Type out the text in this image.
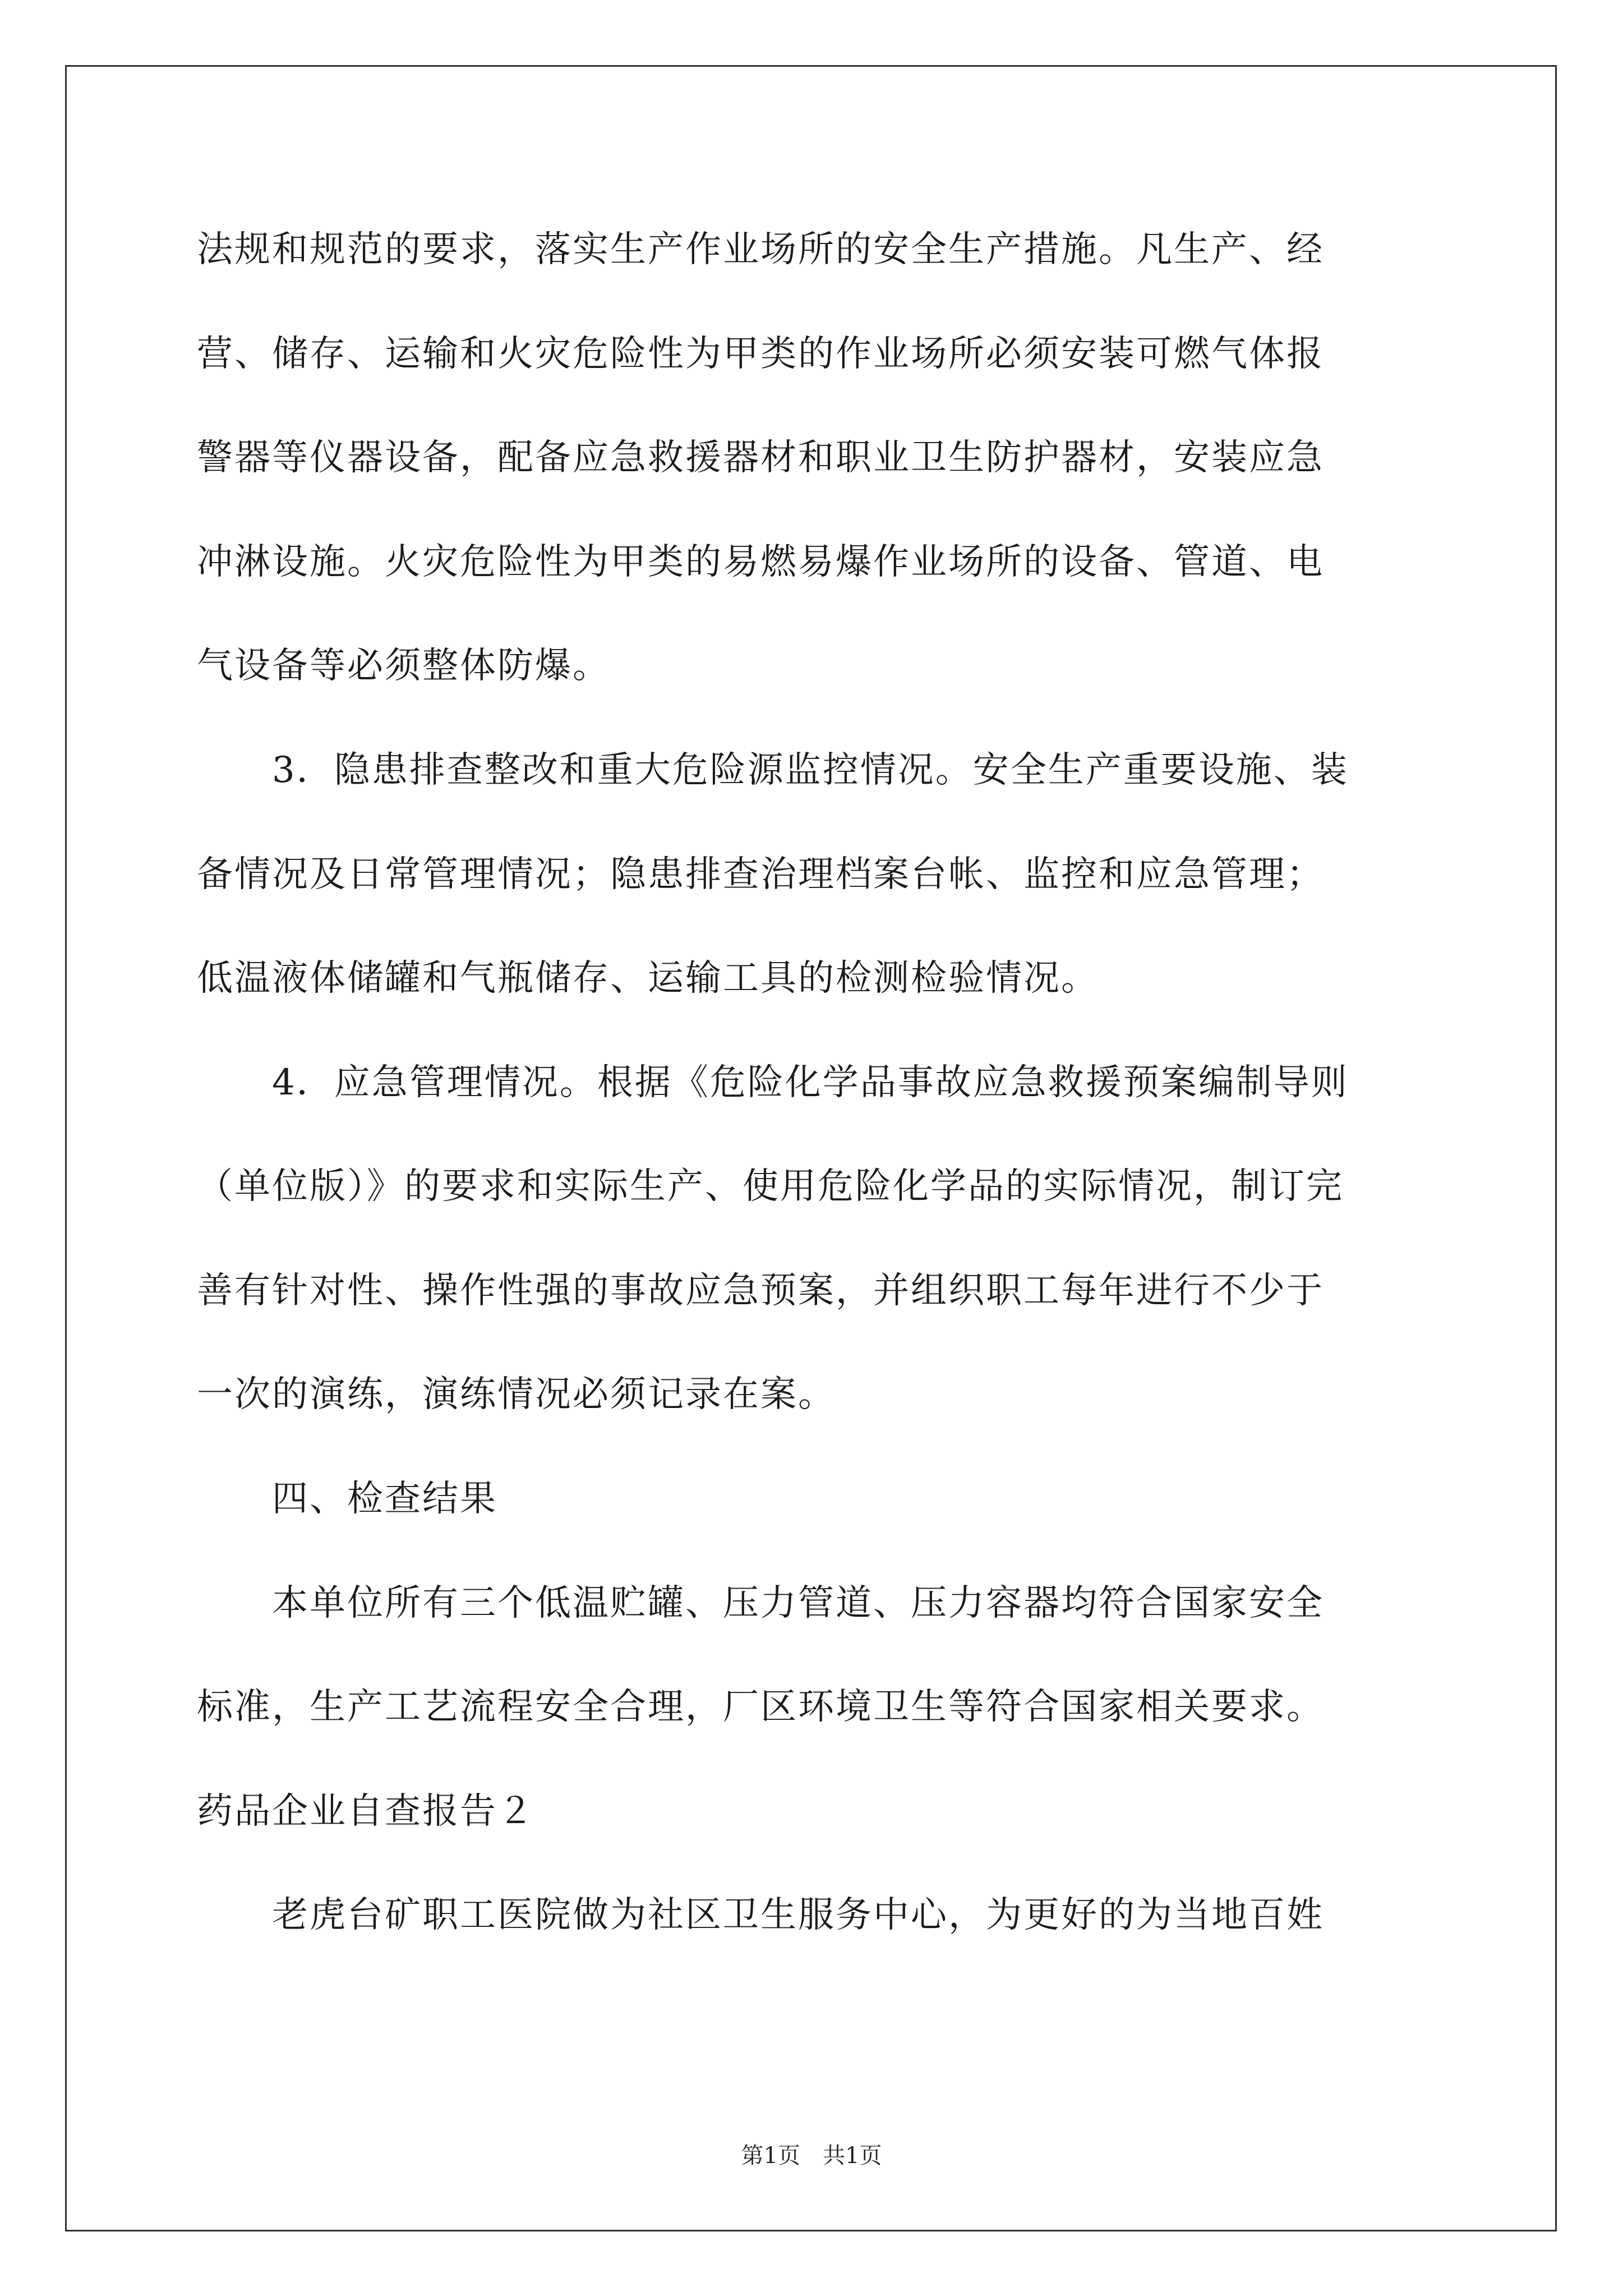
法规和规范的要求，落实生产作业场所的安全生产措施。凡生产、经
营、储存、运输和火灾危险性为甲类的作业场所必须安装可燃气体报
警器等仪器设备，配备应急救援器材和职业卫生防护器材，安装应急
冲淋设施。火灾危险性为甲类的易燃易爆作业场所的设备、管道、电
气设备等必须整体防爆。
　　3．隐患排查整改和重大危险源监控情况。安全生产重要设施、装
备情况及日常管理情况；隐患排查治理档案台帐、监控和应急管理；
低温液体储罐和气瓶储存、运输工具的检测检验情况。
　　4．应急管理情况。根据《危险化学品事故应急救援预案编制导则
（单位版）》的要求和实际生产、使用危险化学品的实际情况，制订完
善有针对性、操作性强的事故应急预案，并组织职工每年进行不少于
一次的演练，演练情况必须记录在案。
　　四、检查结果
　　本单位所有三个低温贮罐、压力管道、压力容器均符合国家安全
标准，生产工艺流程安全合理，厂区环境卫生等符合国家相关要求。
药品企业自查报告２
　　老虎台矿职工医院做为社区卫生服务中心，为更好的为当地百姓
第1页　共1页
